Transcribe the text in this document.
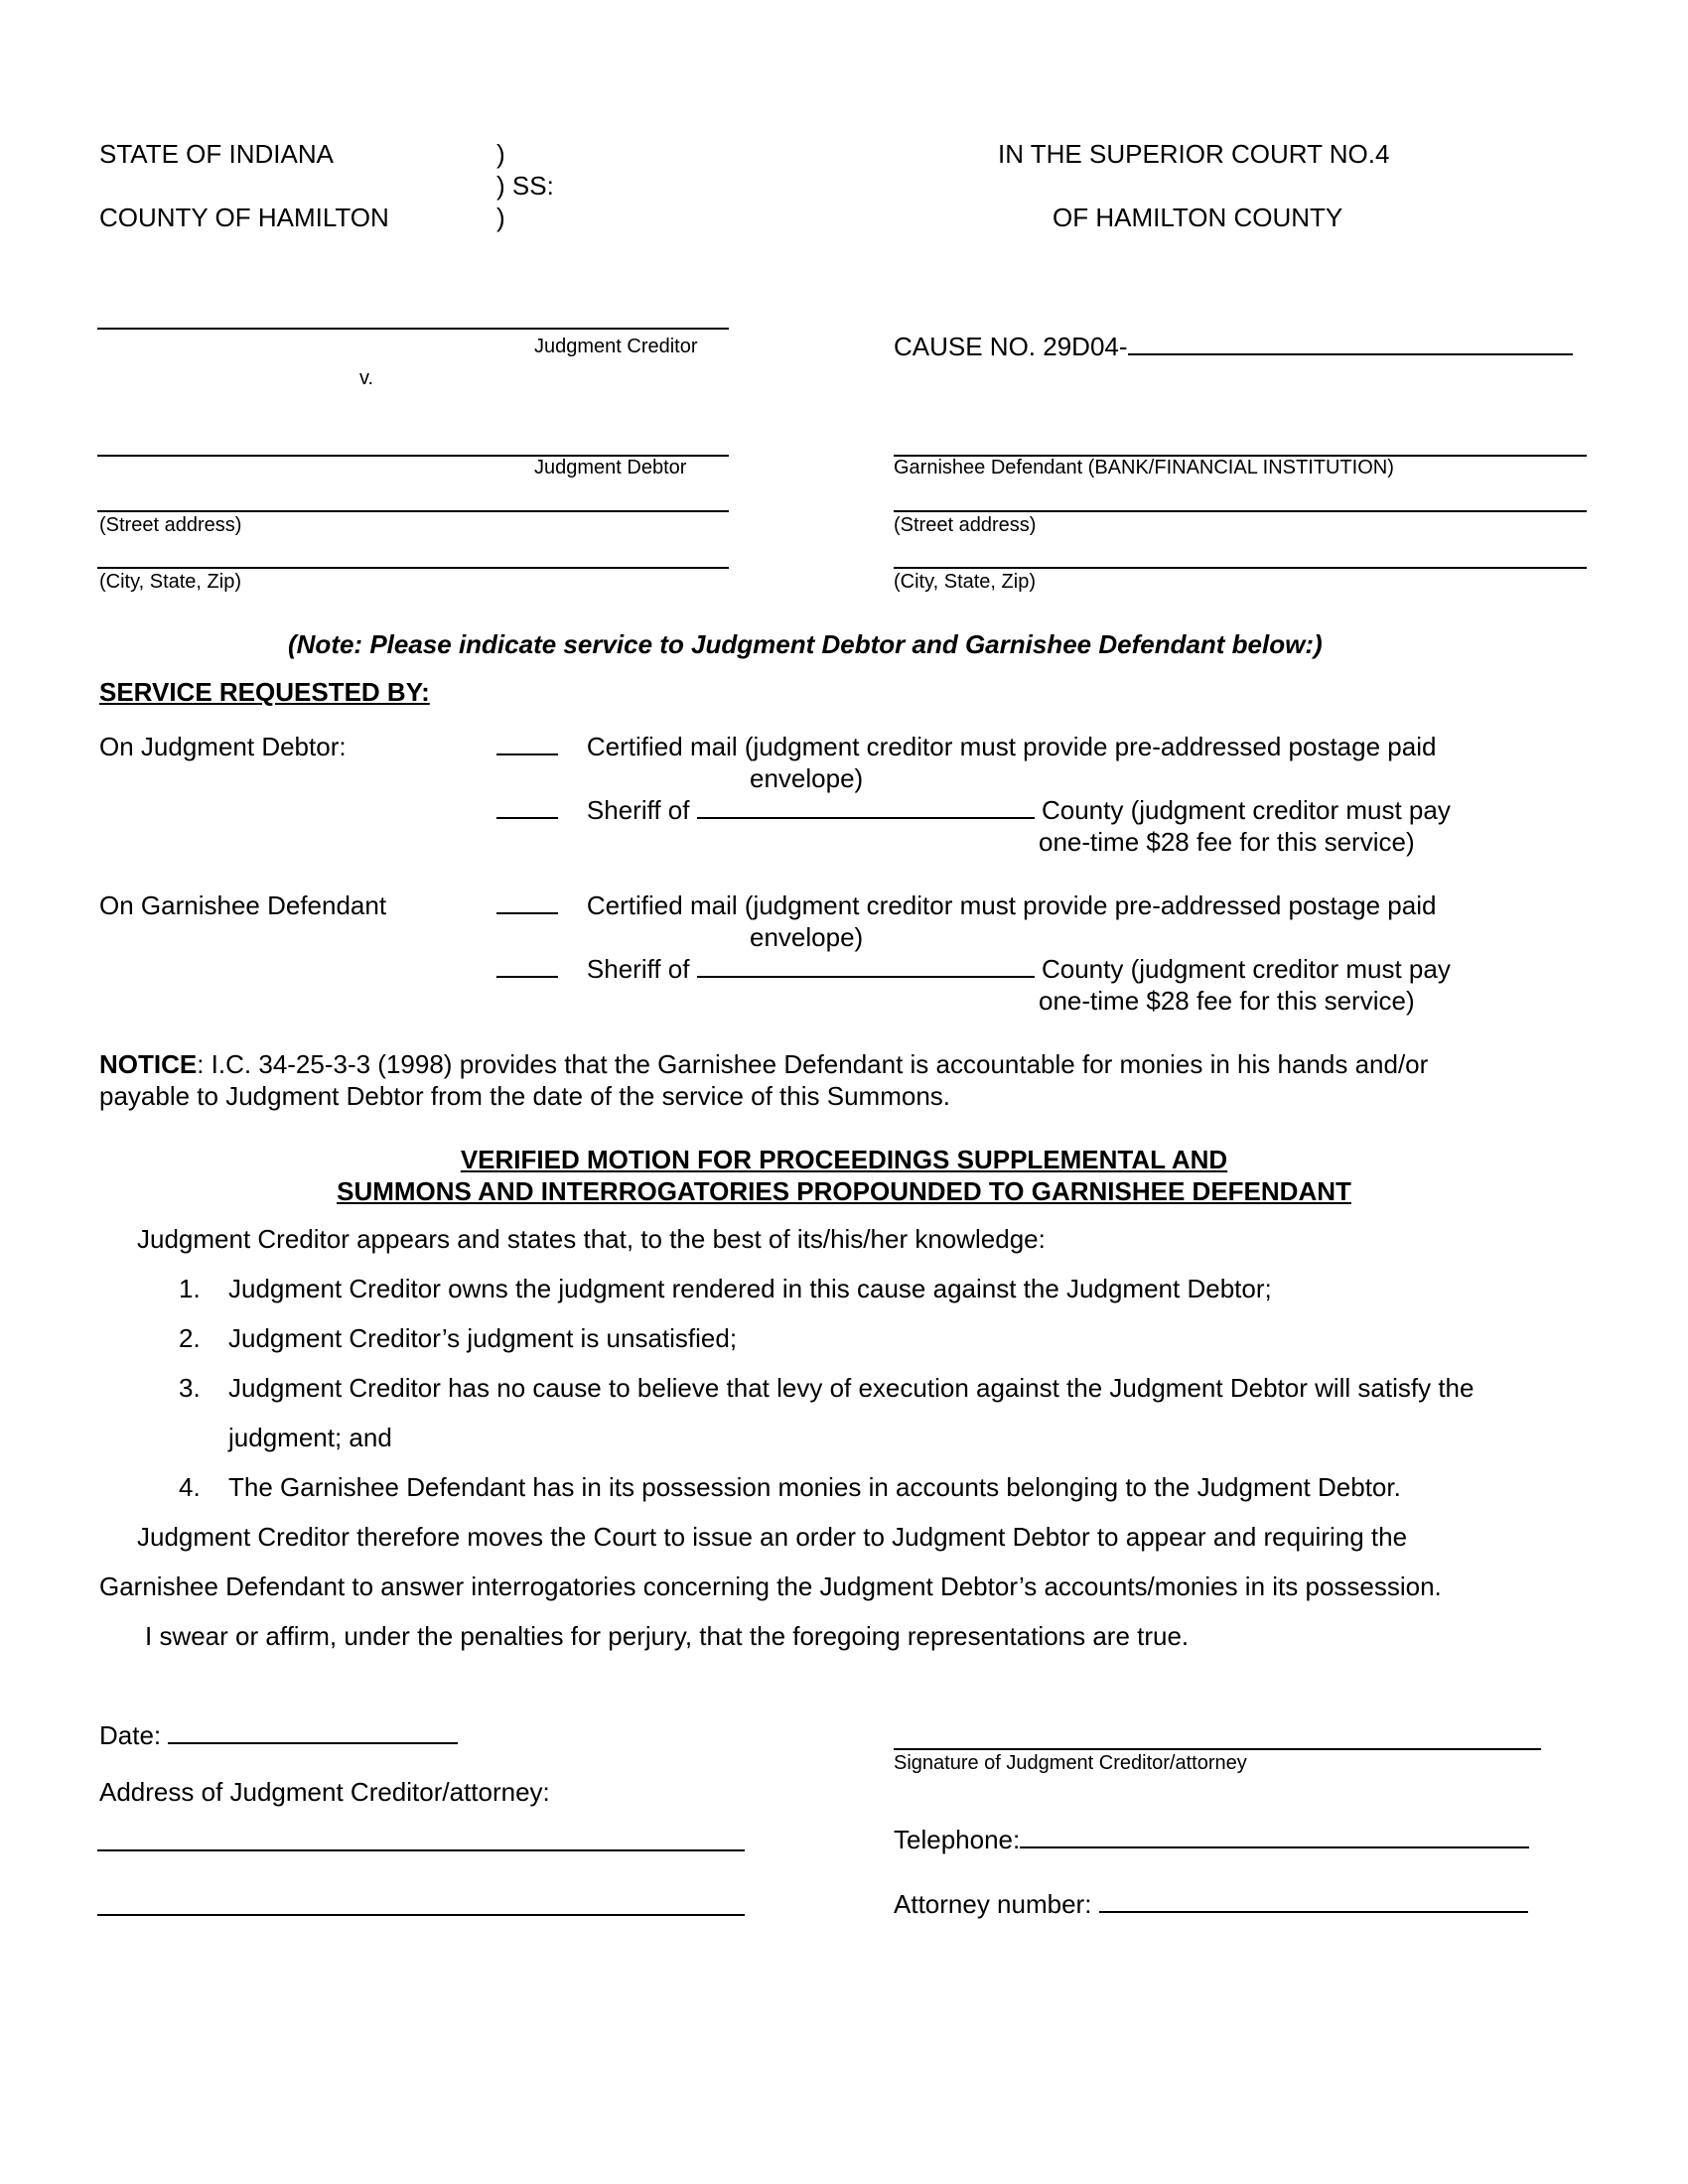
STATE OF INDIANA
COUNTY OF HAMILTON
)
) SS:
)
IN THE SUPERIOR COURT NO.4
OF HAMILTON COUNTY
Judgment Creditor
v.
Judgment Debtor
(Street address)
(City, State, Zip)
CAUSE NO. 29D04-
Garnishee Defendant (BANK/FINANCIAL INSTITUTION)
(Street address)
(City, State, Zip)
(Note: Please indicate service to Judgment Debtor and Garnishee Defendant below:)
SERVICE REQUESTED BY:
On Judgment Debtor:	Certified mail (judgment creditor must provide pre-addressed postage paid
envelope)
Sheriff of	County (judgment creditor must pay
one-time $28 fee for this service)
On Garnishee Defendant	Certified mail (judgment creditor must provide pre-addressed postage paid
envelope)
Sheriff of	County (judgment creditor must pay
one-time $28 fee for this service)
NOTICE: I.C. 34-25-3-3 (1998) provides that the Garnishee Defendant is accountable for monies in his hands and/or
payable to Judgment Debtor from the date of the service of this Summons.
VERIFIED MOTION FOR PROCEEDINGS SUPPLEMENTAL AND
SUMMONS AND INTERROGATORIES PROPOUNDED TO GARNISHEE DEFENDANT
Judgment Creditor appears and states that, to the best of its/his/her knowledge:
1. Judgment Creditor owns the judgment rendered in this cause against the Judgment Debtor;
2. Judgment Creditor’s judgment is unsatisfied;
3. Judgment Creditor has no cause to believe that levy of execution against the Judgment Debtor will satisfy the
judgment; and
4. The Garnishee Defendant has in its possession monies in accounts belonging to the Judgment Debtor.
Judgment Creditor therefore moves the Court to issue an order to Judgment Debtor to appear and requiring the
Garnishee Defendant to answer interrogatories concerning the Judgment Debtor’s accounts/monies in its possession.
I swear or affirm, under the penalties for perjury, that the foregoing representations are true.
Date:
Signature of Judgment Creditor/attorney
Address of Judgment Creditor/attorney:
Telephone:
Attorney number:
